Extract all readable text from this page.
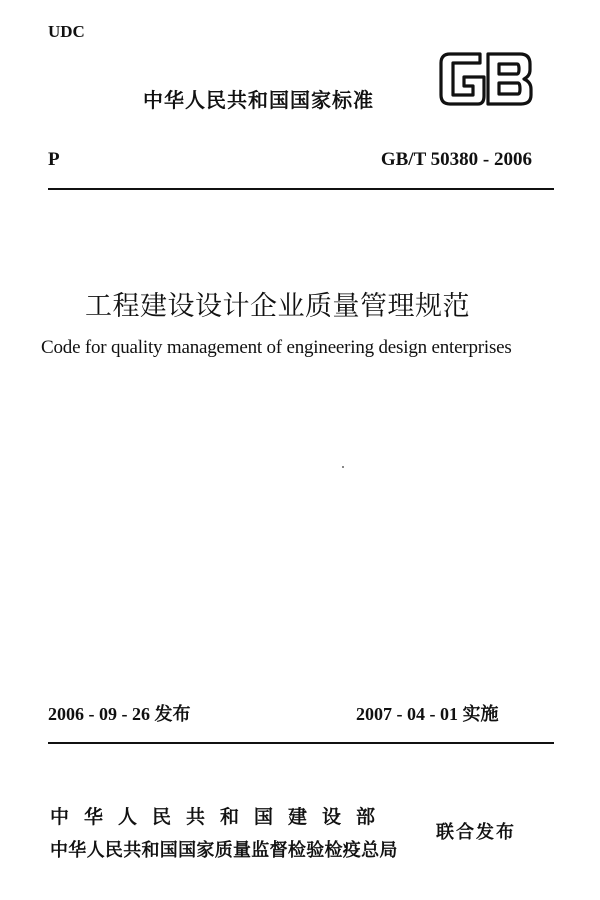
UDC
中华人民共和国国家标准
P	GB/T 50380 - 2006
工程建设设计企业质量管理规范
Code for quality management of engineering design enterprises
2006 - 09 - 26 发布	2007 - 04 - 01 实施
中华人民共和国建设部
中华人民共和国国家质量监督检验检疫总局
联合发布
